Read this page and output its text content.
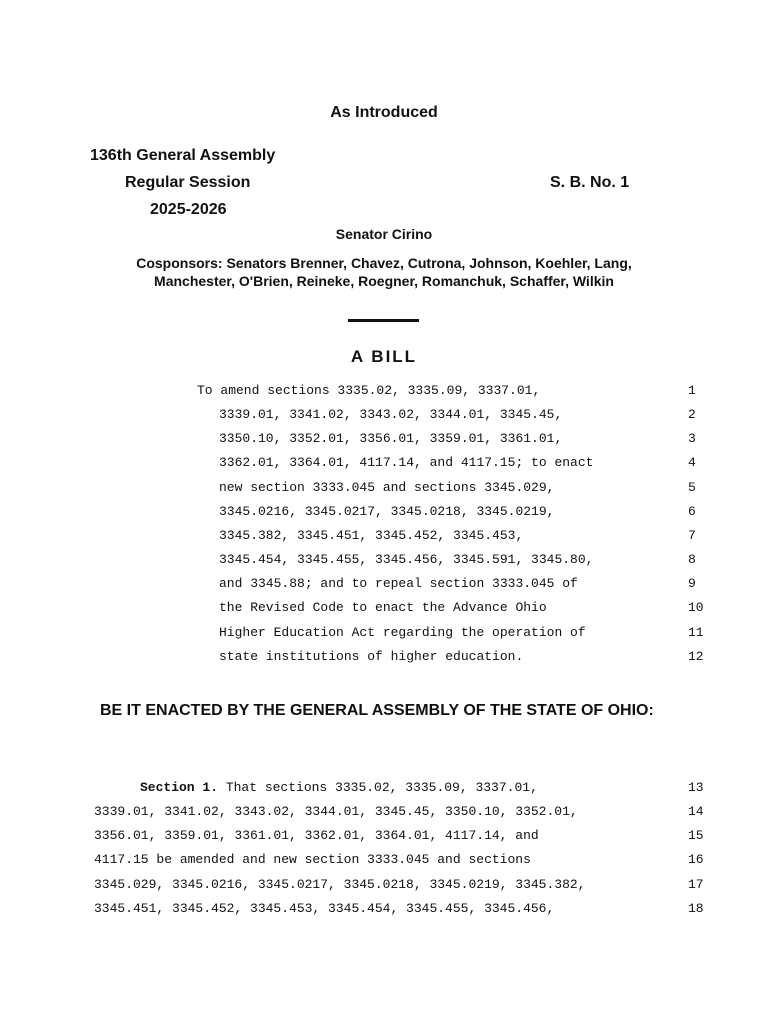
As Introduced
136th General Assembly
Regular Session	S. B. No. 1
2025-2026
Senator Cirino
Cosponsors: Senators Brenner, Chavez, Cutrona, Johnson, Koehler, Lang,
Manchester, O'Brien, Reineke, Roegner, Romanchuk, Schaffer, Wilkin
A BILL
To amend sections 3335.02, 3335.09, 3337.01,	1
3339.01, 3341.02, 3343.02, 3344.01, 3345.45,	2
3350.10, 3352.01, 3356.01, 3359.01, 3361.01,	3
3362.01, 3364.01, 4117.14, and 4117.15; to enact	4
new section 3333.045 and sections 3345.029,	5
3345.0216, 3345.0217, 3345.0218, 3345.0219,	6
3345.382, 3345.451, 3345.452, 3345.453,	7
3345.454, 3345.455, 3345.456, 3345.591, 3345.80,	8
and 3345.88; and to repeal section 3333.045 of	9
the Revised Code to enact the Advance Ohio	10
Higher Education Act regarding the operation of	11
state institutions of higher education.	12
BE IT ENACTED BY THE GENERAL ASSEMBLY OF THE STATE OF OHIO:
Section 1. That sections 3335.02, 3335.09, 3337.01,	13
3339.01, 3341.02, 3343.02, 3344.01, 3345.45, 3350.10, 3352.01,	14
3356.01, 3359.01, 3361.01, 3362.01, 3364.01, 4117.14, and	15
4117.15 be amended and new section 3333.045 and sections	16
3345.029, 3345.0216, 3345.0217, 3345.0218, 3345.0219, 3345.382,	17
3345.451, 3345.452, 3345.453, 3345.454, 3345.455, 3345.456,	18
